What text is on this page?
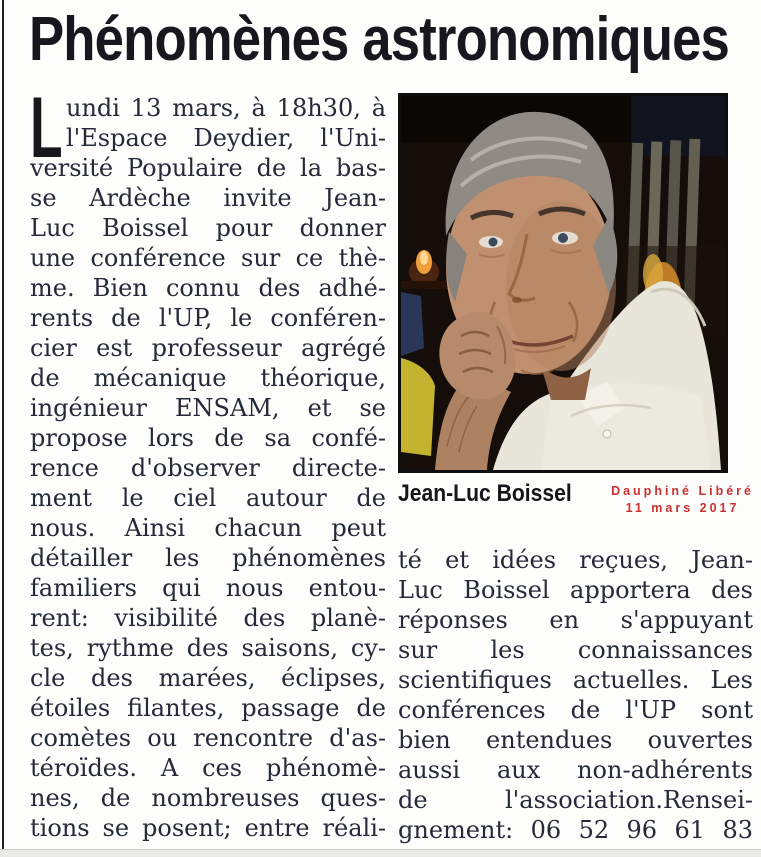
Phénomènes astronomiques
L undi 13 mars, à 18h30, à
l'Espace Deydier, l'Uni-
versité Populaire de la bas-
se Ardèche invite Jean-
Luc Boissel pour donner
une conférence sur ce thè-
me. Bien connu des adhé-
rents de l'UP, le conféren-
cier est professeur agrégé
de mécanique théorique,
ingénieur ENSAM, et se
propose lors de sa confé-
rence d'observer directe-
ment le ciel autour de
nous. Ainsi chacun peut
détailler les phénomènes
familiers qui nous entou-
rent: visibilité des planè-
tes, rythme des saisons, cy-
cle des marées, éclipses,
étoiles filantes, passage de
comètes ou rencontre d'as-
téroïdes. A ces phénomè-
nes, de nombreuses ques-
tions se posent; entre réali-
Jean-Luc Boissel	Dauphiné Libéré
11 mars 2017
té et idées reçues, Jean-
Luc Boissel apportera des
réponses en s'appuyant
sur les connaissances
scientifiques actuelles. Les
conférences de l'UP sont
bien entendues ouvertes
aussi aux non-adhérents
de l'association.Rensei-
gnement: 06 52 96 61 83
